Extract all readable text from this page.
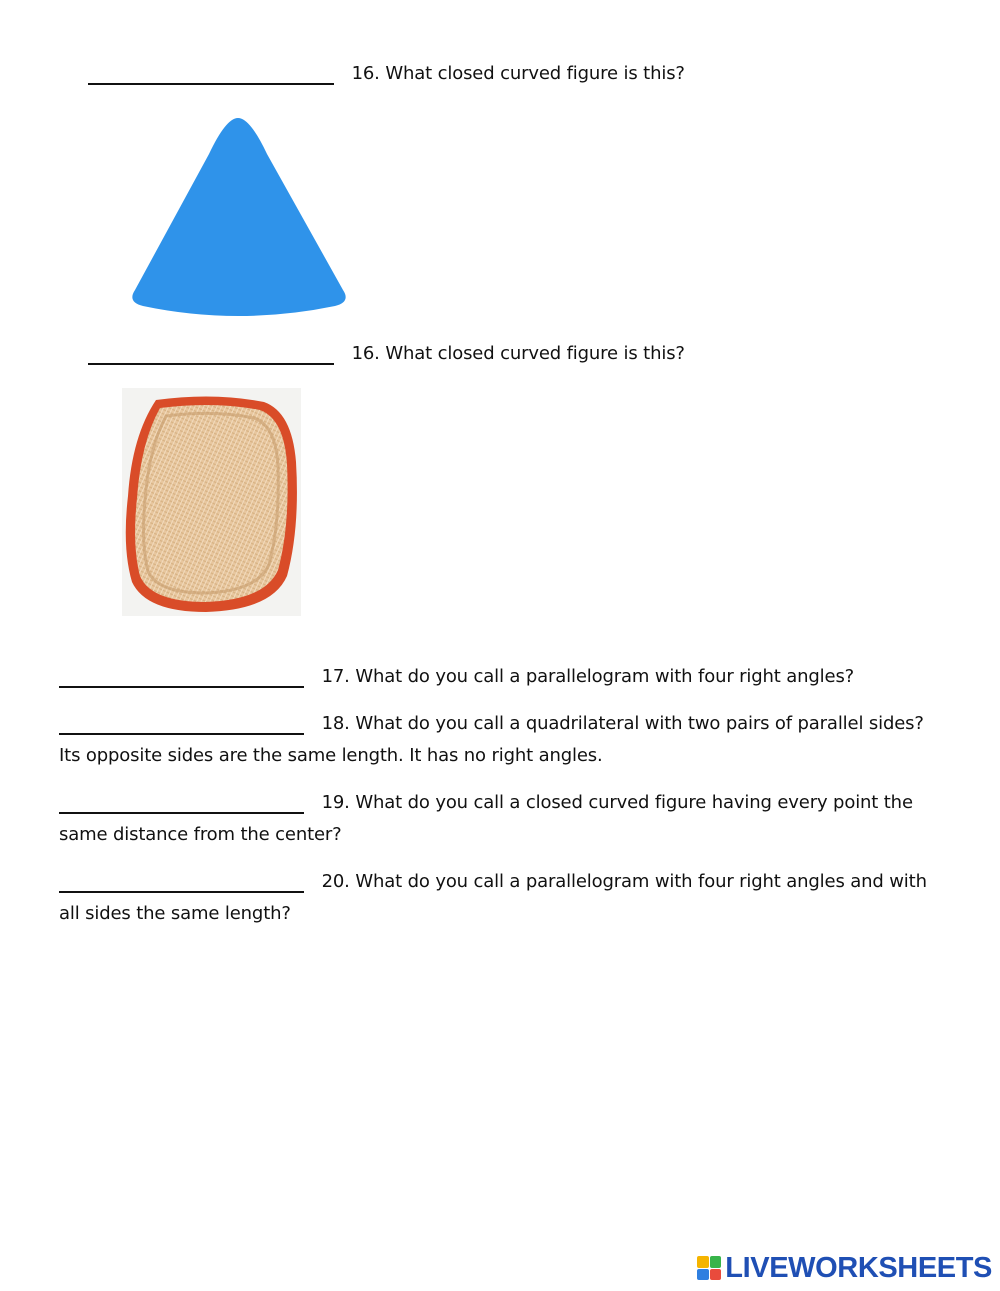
16. What closed curved figure is this?
16. What closed curved figure is this?
17. What do you call a parallelogram with four right angles?
18. What do you call a quadrilateral with two pairs of parallel sides?
Its opposite sides are the same length. It has no right angles.
19. What do you call a closed curved figure having every point the
same distance from the center?
20. What do you call a parallelogram with four right angles and with
all sides the same length?
LIVEWORKSHEETS
